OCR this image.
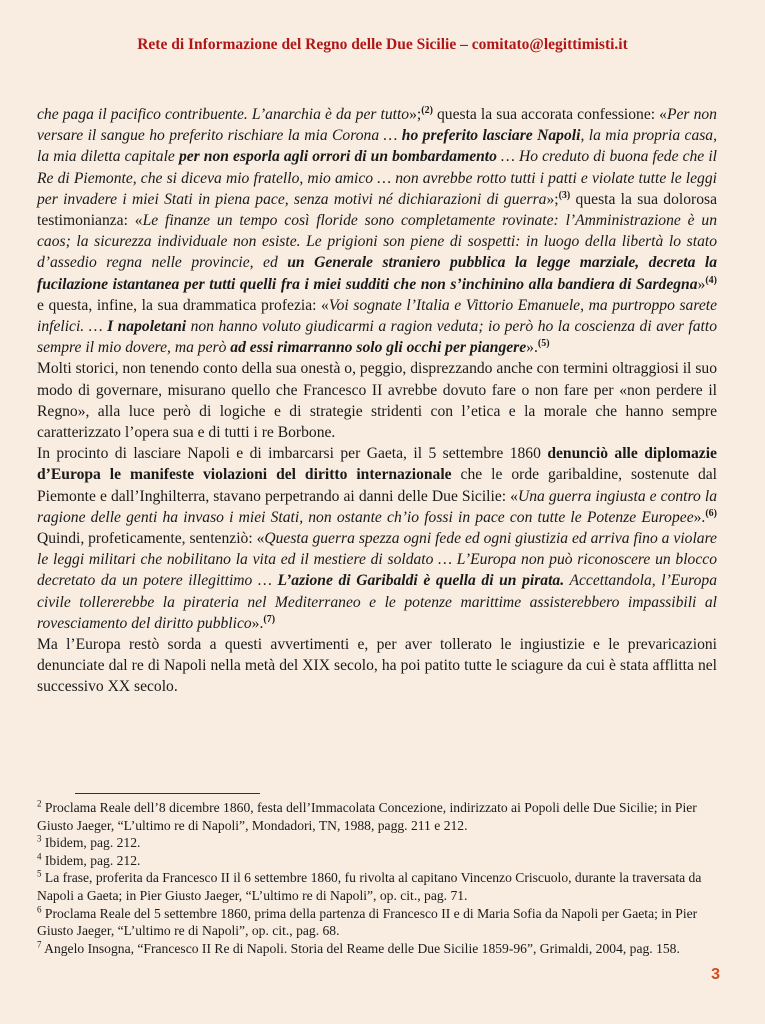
Rete di Informazione del Regno delle Due Sicilie – comitato@legittimisti.it

che paga il pacifico contribuente. L’anarchia è da per tutto»;$^{(2)}$ questa la sua accorata confessione: «Per non versare il sangue ho preferito rischiare la mia Corona … ho preferito lasciare Napoli, la mia propria casa, la mia diletta capitale per non esporla agli orrori di un bombardamento … Ho creduto di buona fede che il Re di Piemonte, che si diceva mio fratello, mio amico … non avrebbe rotto tutti i patti e violate tutte le leggi per invadere i miei Stati in piena pace, senza motivi né dichiarazioni di guerra»;$^{(3)}$ questa la sua dolorosa testimonianza: «Le finanze un tempo così floride sono completamente rovinate: l’Amministrazione è un caos; la sicurezza individuale non esiste. Le prigioni son piene di sospetti: in luogo della libertà lo stato d’assedio regna nelle provincie, ed un Generale straniero pubblica la legge marziale, decreta la fucilazione istantanea per tutti quelli fra i miei sudditi che non s’inchinino alla bandiera di Sardegna»$^{(4)}$ e questa, infine, la sua drammatica profezia: «Voi sognate l’Italia e Vittorio Emanuele, ma purtroppo sarete infelici. … I napoletani non hanno voluto giudicarmi a ragion veduta; io però ho la coscienza di aver fatto sempre il mio dovere, ma però ad essi rimarranno solo gli occhi per piangere».$^{(5)}$

Molti storici, non tenendo conto della sua onestà o, peggio, disprezzando anche con termini oltraggiosi il suo modo di governare, misurano quello che Francesco II avrebbe dovuto fare o non fare per «non perdere il Regno», alla luce però di logiche e di strategie stridenti con l’etica e la morale che hanno sempre caratterizzato l’opera sua e di tutti i re Borbone.

In procinto di lasciare Napoli e di imbarcarsi per Gaeta, il 5 settembre 1860 denunciò alle diplomazie d’Europa le manifeste violazioni del diritto internazionale che le orde garibaldine, sostenute dal Piemonte e dall’Inghilterra, stavano perpetrando ai danni delle Due Sicilie: «Una guerra ingiusta e contro la ragione delle genti ha invaso i miei Stati, non ostante ch’io fossi in pace con tutte le Potenze Europee».$^{(6)}$ Quindi, profeticamente, sentenziò: «Questa guerra spezza ogni fede ed ogni giustizia ed arriva fino a violare le leggi militari che nobilitano la vita ed il mestiere di soldato … L’Europa non può riconoscere un blocco decretato da un potere illegittimo … L’azione di Garibaldi è quella di un pirata. Accettandola, l’Europa civile tollererebbe la pirateria nel Mediterraneo e le potenze marittime assisterebbero impassibili al rovesciamento del diritto pubblico».$^{(7)}$

Ma l’Europa restò sorda a questi avvertimenti e, per aver tollerato le ingiustizie e le prevaricazioni denunciate dal re di Napoli nella metà del XIX secolo, ha poi patito tutte le sciagure da cui è stata afflitta nel successivo XX secolo.

$^2$ Proclama Reale dell’8 dicembre 1860, festa dell’Immacolata Concezione, indirizzato ai Popoli delle Due Sicilie; in Pier Giusto Jaeger, “L’ultimo re di Napoli”, Mondadori, TN, 1988, pagg. 211 e 212.

$^3$ Ibidem, pag. 212.

$^4$ Ibidem, pag. 212.

$^5$ La frase, proferita da Francesco II il 6 settembre 1860, fu rivolta al capitano Vincenzo Criscuolo, durante la traversata da Napoli a Gaeta; in Pier Giusto Jaeger, “L’ultimo re di Napoli”, op. cit., pag. 71.

$^6$ Proclama Reale del 5 settembre 1860, prima della partenza di Francesco II e di Maria Sofia da Napoli per Gaeta; in Pier Giusto Jaeger, “L’ultimo re di Napoli”, op. cit., pag. 68.

$^7$ Angelo Insogna, “Francesco II Re di Napoli. Storia del Reame delle Due Sicilie 1859-96”, Grimaldi, 2004, pag. 158.

3
